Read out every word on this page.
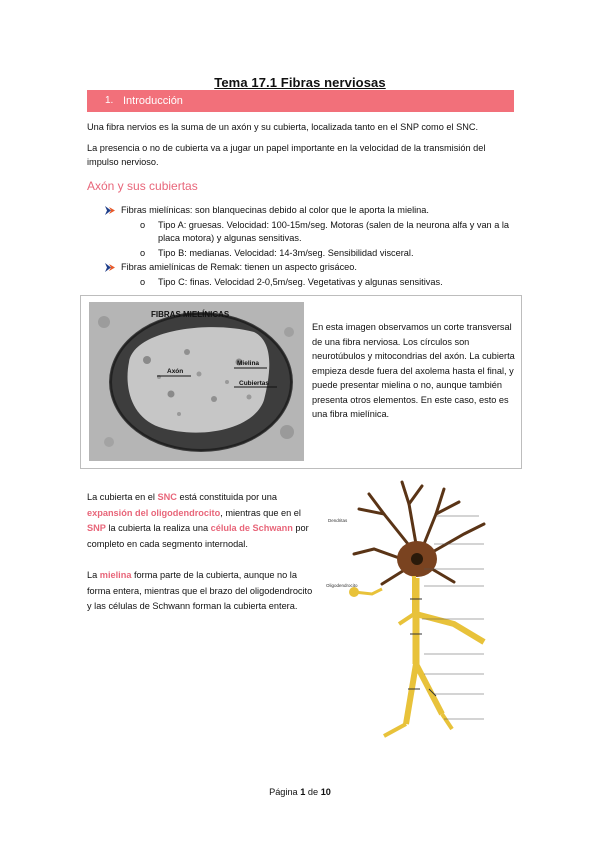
Tema 17.1 Fibras nerviosas
1. Introducción
Una fibra nervios es la suma de un axón y su cubierta, localizada tanto en el SNP como el SNC.
La presencia o no de cubierta va a jugar un papel importante en la velocidad de la transmisión del impulso nervioso.
Axón y sus cubiertas
Fibras mielínicas: son blanquecinas debido al color que le aporta la mielina.
o Tipo A: gruesas. Velocidad: 100-15m/seg. Motoras (salen de la neurona alfa y van a la placa motora) y algunas sensitivas.
o Tipo B: medianas. Velocidad: 14-3m/seg. Sensibilidad visceral.
Fibras amielínicas de Remak: tienen un aspecto grisáceo.
o Tipo C: finas. Velocidad 2-0,5m/seg. Vegetativas y algunas sensitivas.
FIBRAS MIELÍNICAS
Axón
Mielina
Cubiertas
En esta imagen observamos un corte transversal de una fibra nerviosa. Los círculos son neurotúbulos y mitocondrias del axón. La cubierta empieza desde fuera del axolema hasta el final, y puede presentar mielina o no, aunque también presenta otros elementos. En este caso, esto es una fibra mielínica.
La cubierta en el SNC está constituida por una expansión del oligodendrocito, mientras que en el SNP la cubierta la realiza una célula de Schwann por completo en cada segmento internodal.
La mielina forma parte de la cubierta, aunque no la forma entera, mientras que el brazo del oligodendrocito y las células de Schwann forman la cubierta entera.
Dendritas
Oligodendrocito
Página 1 de 10
